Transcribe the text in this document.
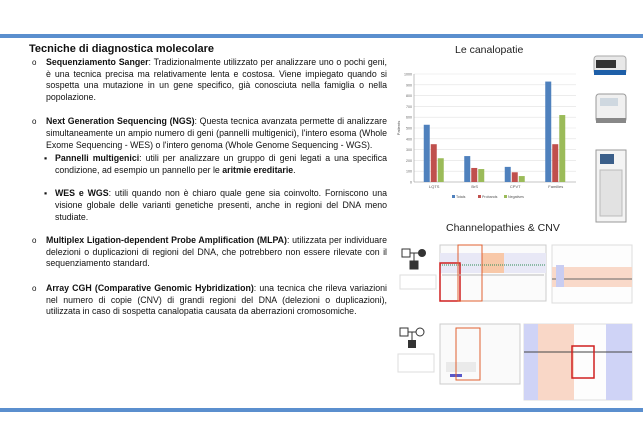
Tecniche di diagnostica molecolare
o Sequenziamento Sanger: Tradizionalmente utilizzato per analizzare uno o pochi geni, è una tecnica precisa ma relativamente lenta e costosa. Viene impiegato quando si sospetta una mutazione in un gene specifico, già conosciuta nella famiglia o nella popolazione.
o Next Generation Sequencing (NGS): Questa tecnica avanzata permette di analizzare simultaneamente un ampio numero di geni (pannelli multigenici), l'intero esoma (Whole Exome Sequencing - WES) o l'intero genoma (Whole Genome Sequencing - WGS).
▪ Pannelli multigenici: utili per analizzare un gruppo di geni legati a una specifica condizione, ad esempio un pannello per le aritmie ereditarie.
▪ WES e WGS: utili quando non è chiaro quale gene sia coinvolto. Forniscono una visione globale delle varianti genetiche presenti, anche in regioni del DNA meno studiate.
o Multiplex Ligation-dependent Probe Amplification (MLPA): utilizzata per individuare delezioni o duplicazioni di regioni del DNA, che potrebbero non essere rilevate con il sequenziamento standard.
o Array CGH (Comparative Genomic Hybridization): una tecnica che rileva variazioni nel numero di copie (CNV) di grandi regioni del DNA (delezioni o duplicazioni), utilizzata in caso di sospetta canalopatia causata da aberrazioni cromosomiche.
Le canalopatie
0
100
200
300
400
500
600
700
800
900
1000
Patients
LQTS	BrS	CPVT	Families
Totals	Probands	Negatives
Channelopathies & CNV
